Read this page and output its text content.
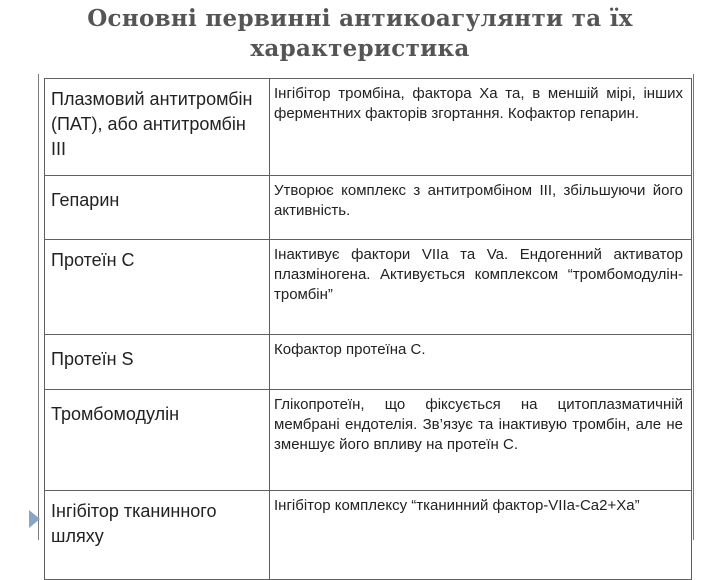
Основні первинні антикоагулянти та їх
характеристика
Плазмовий антитромбін (ПАТ), або антитромбін III	Інгібітор тромбіна, фактора Xа та, в меншій мірі, інших ферментних факторів згортання. Кофактор гепарин.

Гепарин	Утворює комплекс з антитромбіном III, збільшуючи його активність.

Протеїн С	Інактивує фактори VIIa та Va. Ендогенний активатор плазміногена. Активується комплексом “тромбомодулін-тромбін”

Протеїн S	Кофактор протеїна С.

Тромбомодулін	Глікопротеїн, що фіксується на цитоплазматичній мембрані ендотелія. Зв’язує та інактивую тромбін, але не зменшує його впливу на протеїн С.

Інгібітор тканинного шляху	Інгібітор комплексу “тканинний фактор-VIIa-Ca2+Xa”
